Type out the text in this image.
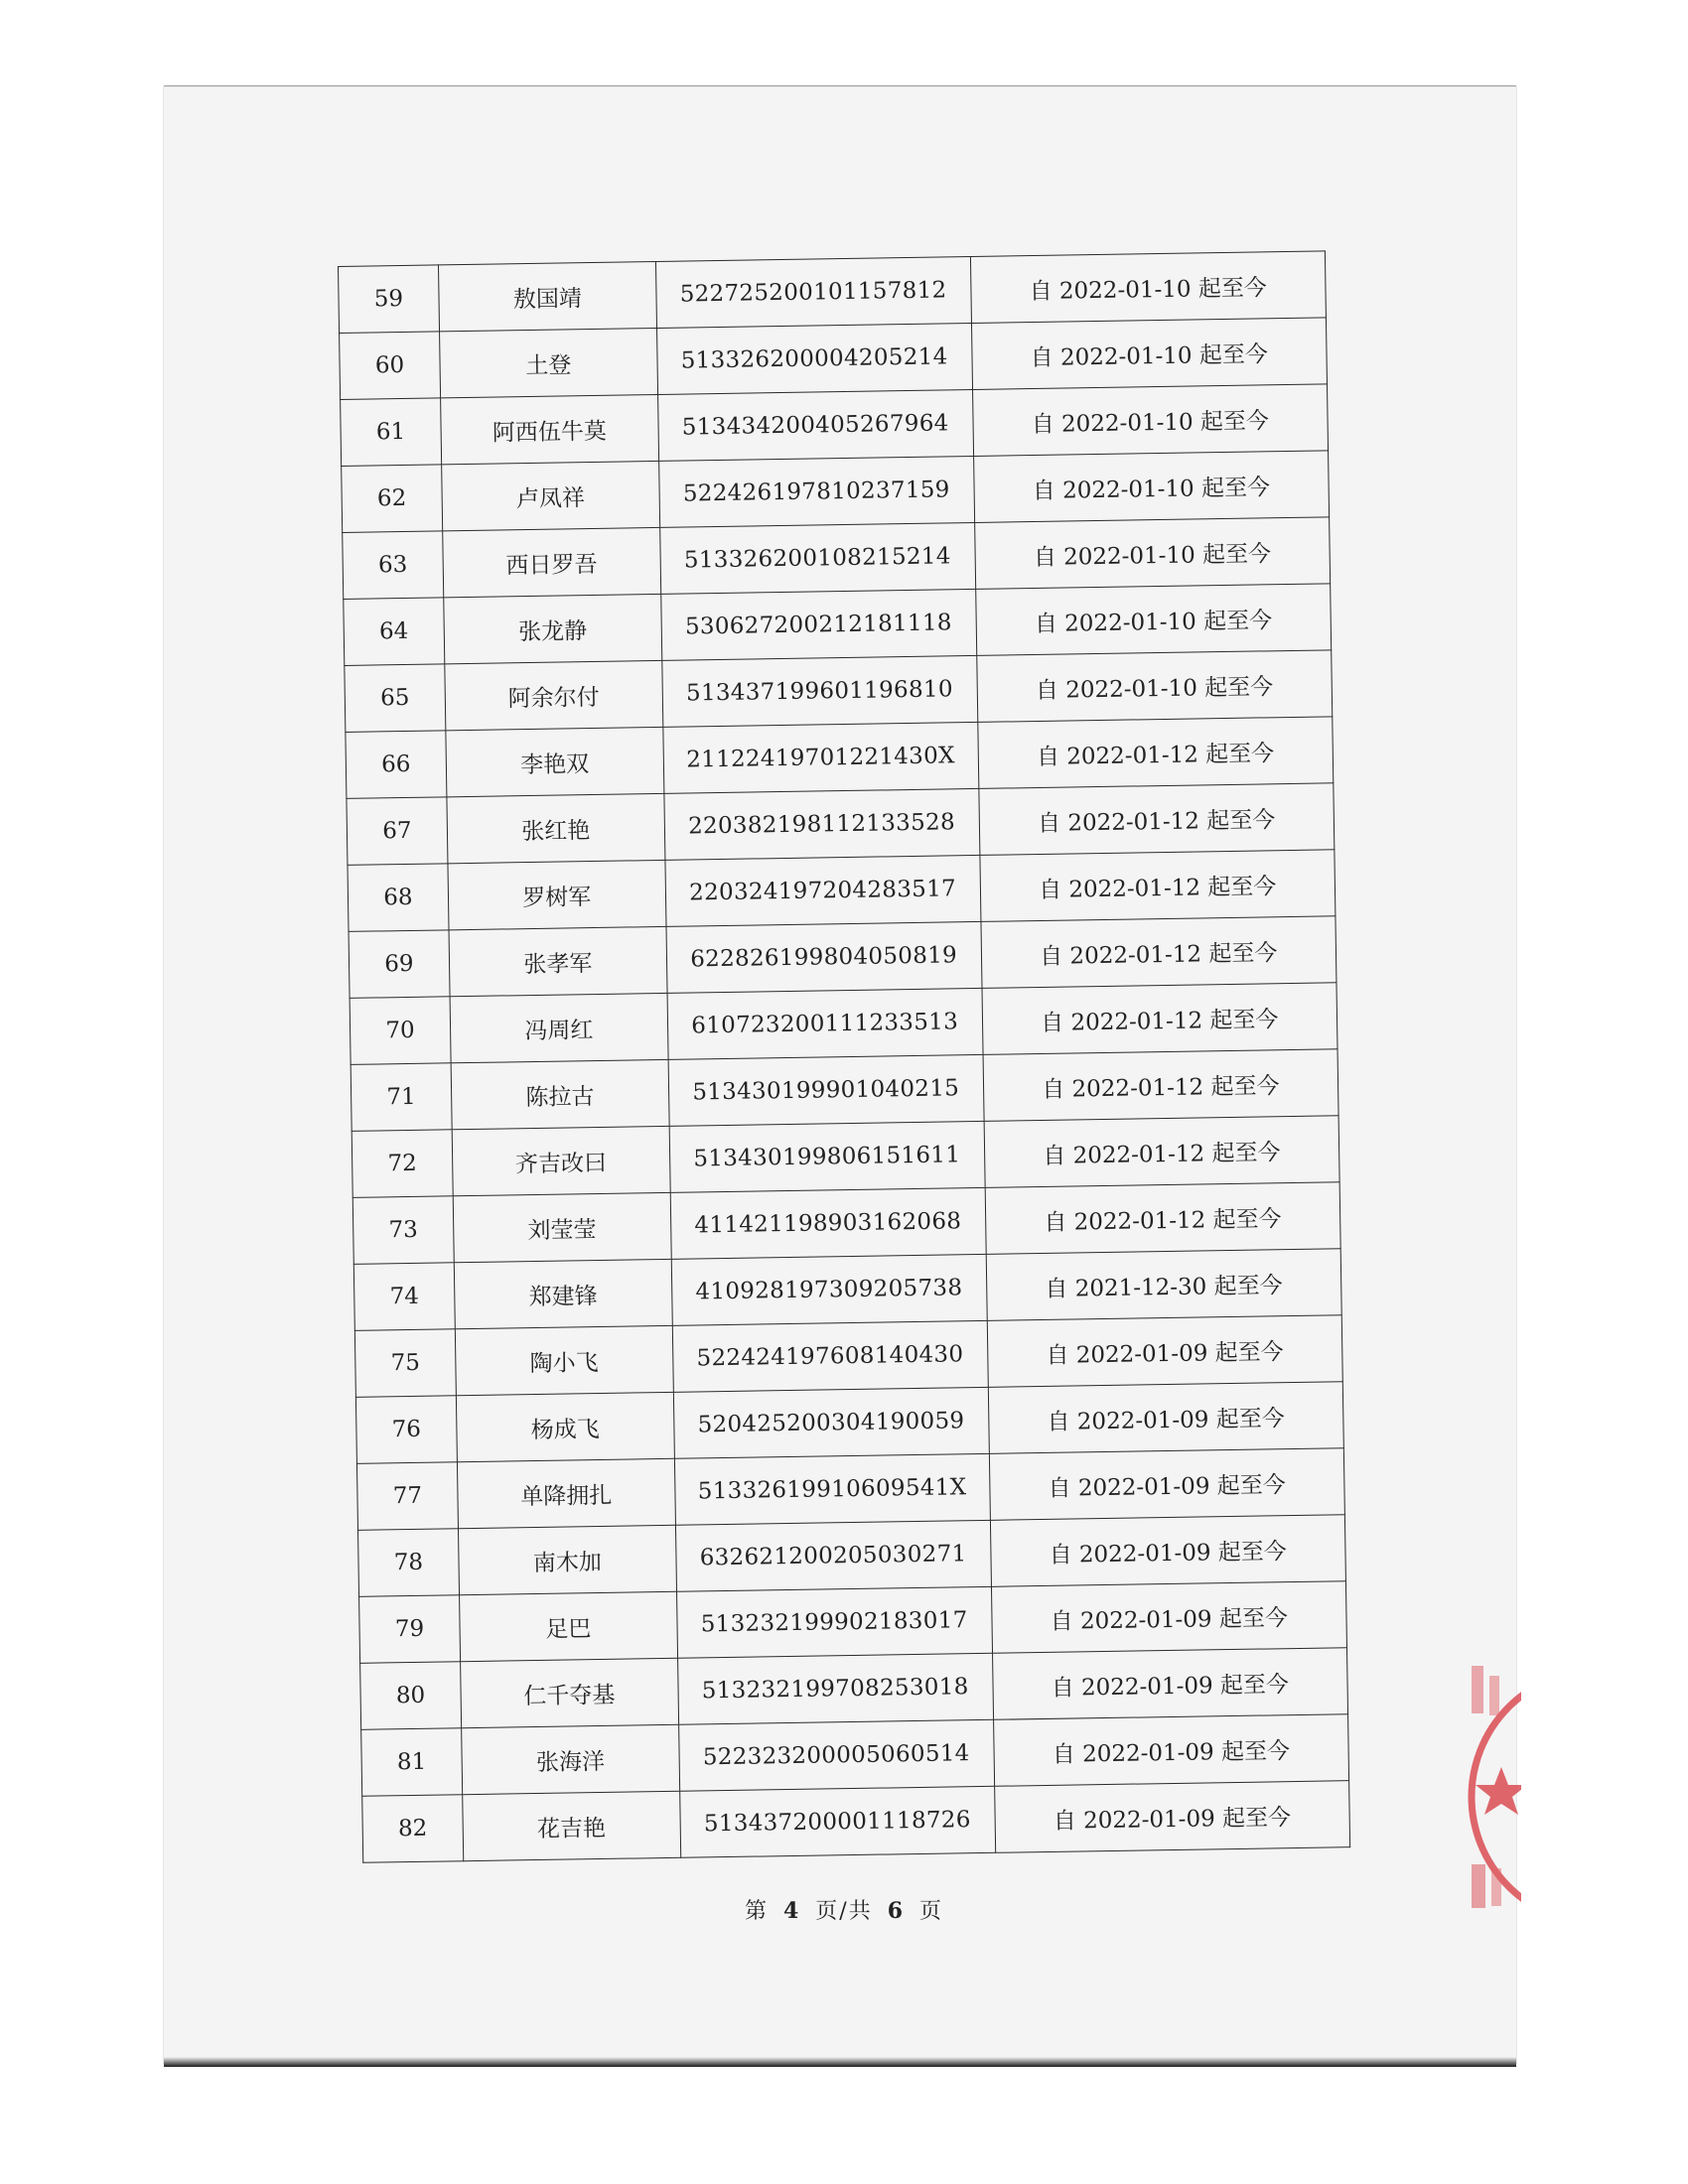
59	敖国靖	522725200101157812	自 2022-01-10 起至今
60	土登	513326200004205214	自 2022-01-10 起至今
61	阿西伍牛莫	513434200405267964	自 2022-01-10 起至今
62	卢凤祥	522426197810237159	自 2022-01-10 起至今
63	西日罗吾	513326200108215214	自 2022-01-10 起至今
64	张龙静	530627200212181118	自 2022-01-10 起至今
65	阿余尔付	513437199601196810	自 2022-01-10 起至今
66	李艳双	21122419701221430X	自 2022-01-12 起至今
67	张红艳	220382198112133528	自 2022-01-12 起至今
68	罗树军	220324197204283517	自 2022-01-12 起至今
69	张孝军	622826199804050819	自 2022-01-12 起至今
70	冯周红	610723200111233513	自 2022-01-12 起至今
71	陈拉古	513430199901040215	自 2022-01-12 起至今
72	齐吉改曰	513430199806151611	自 2022-01-12 起至今
73	刘莹莹	411421198903162068	自 2022-01-12 起至今
74	郑建锋	410928197309205738	自 2021-12-30 起至今
75	陶小飞	522424197608140430	自 2022-01-09 起至今
76	杨成飞	520425200304190059	自 2022-01-09 起至今
77	单降拥扎	51332619910609541X	自 2022-01-09 起至今
78	南木加	632621200205030271	自 2022-01-09 起至今
79	足巴	513232199902183017	自 2022-01-09 起至今
80	仁千夺基	513232199708253018	自 2022-01-09 起至今
81	张海洋	522323200005060514	自 2022-01-09 起至今
82	花吉艳	513437200001118726	自 2022-01-09 起至今
第 4 页/共 6 页
